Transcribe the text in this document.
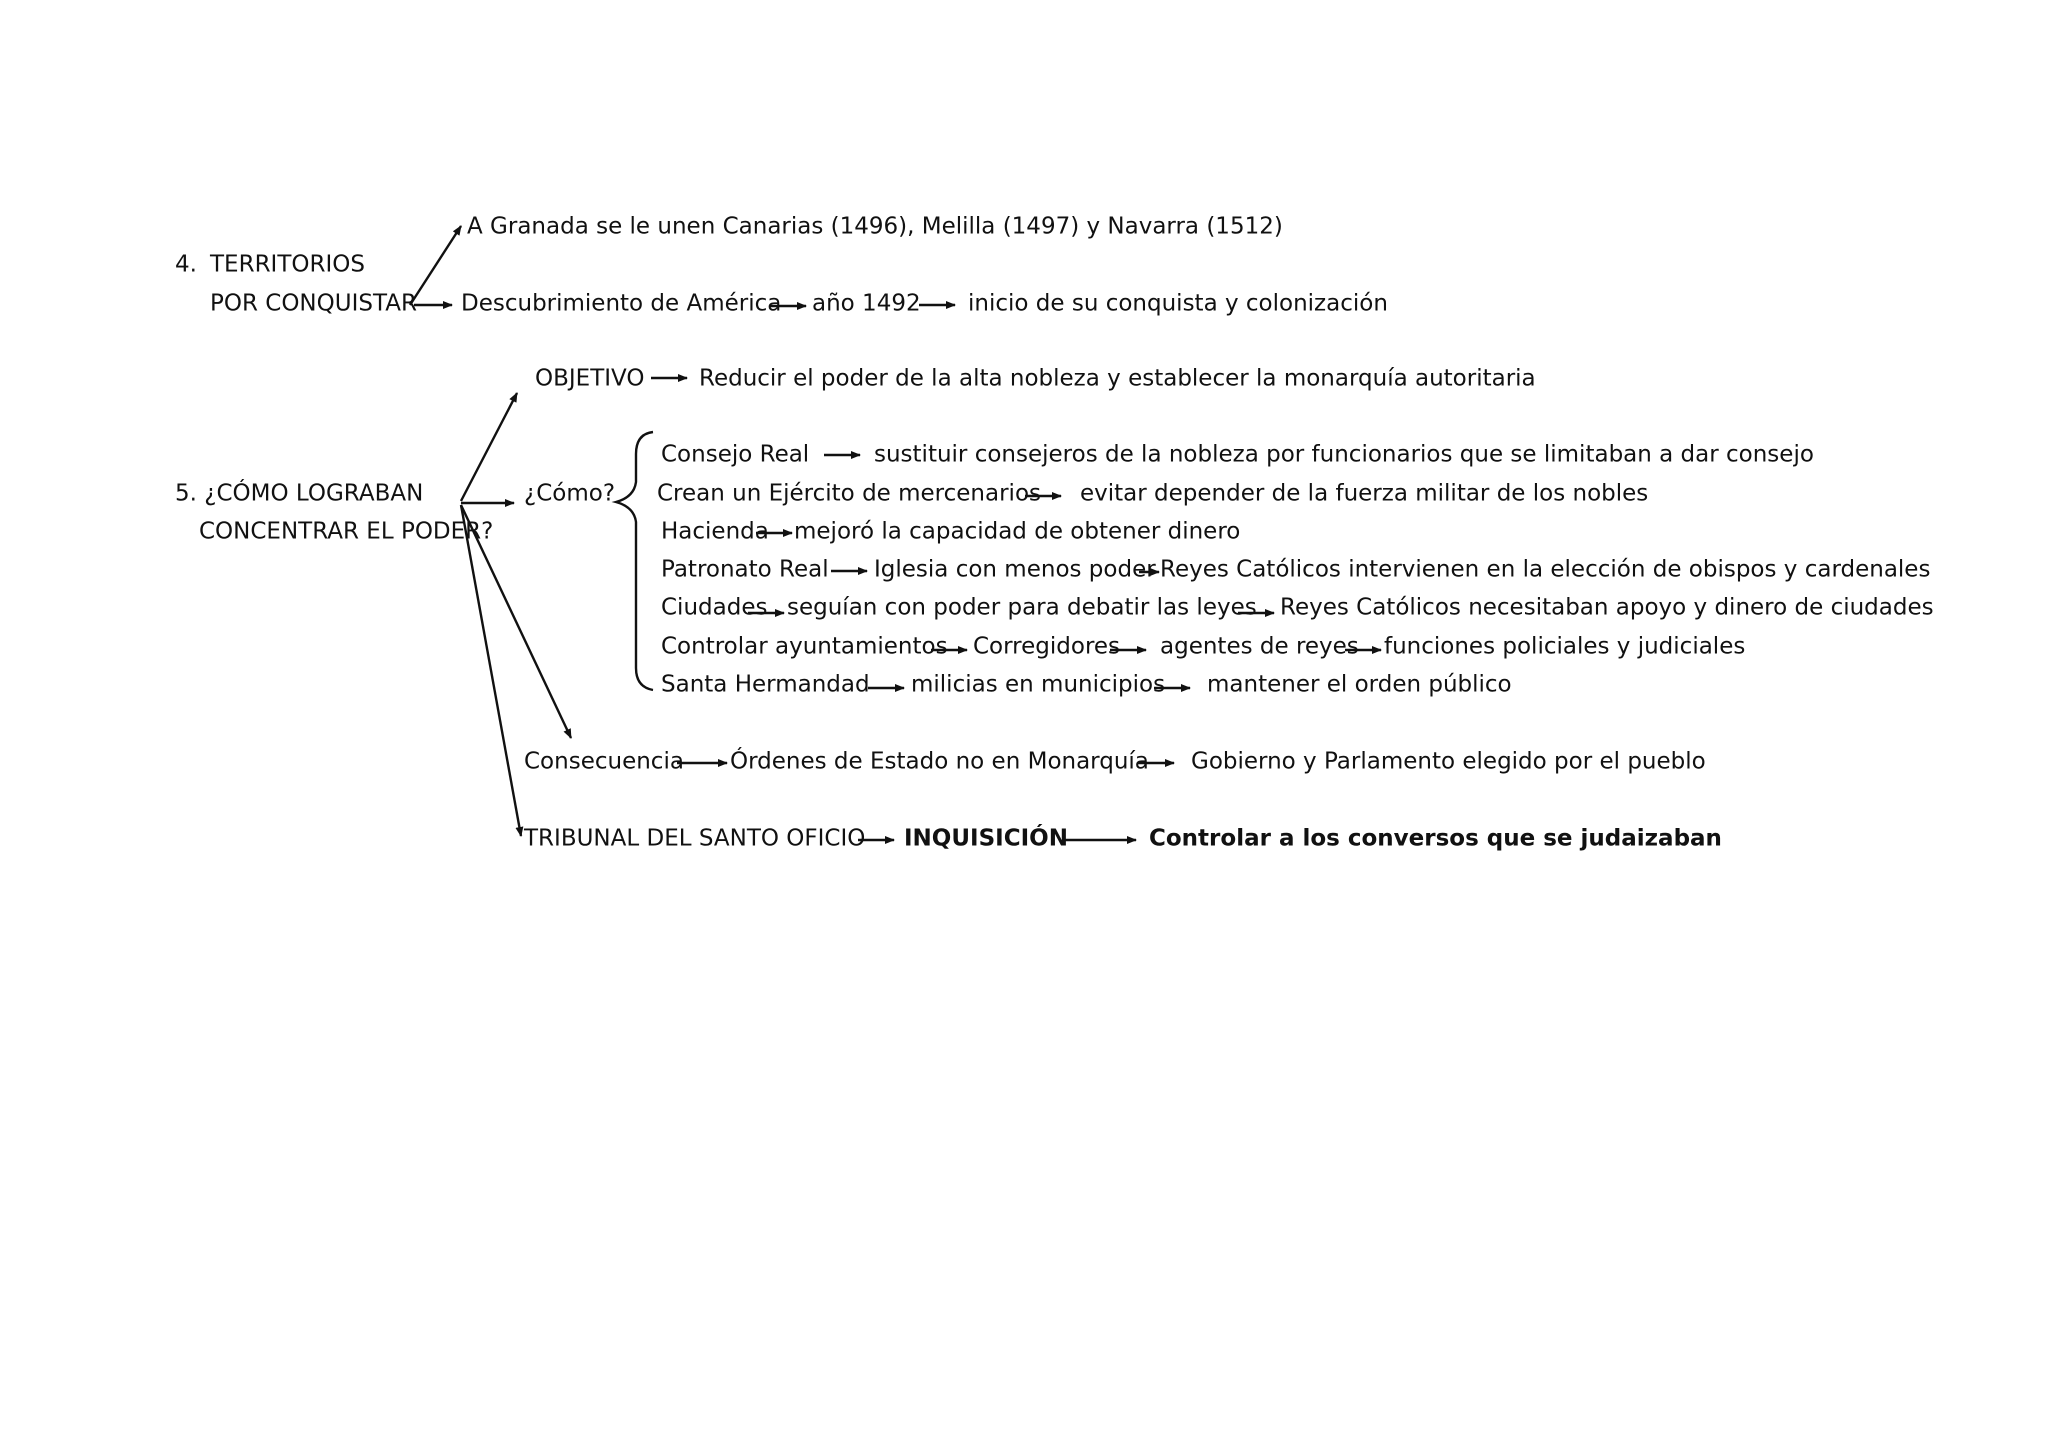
4. TERRITORIOS
POR CONQUISTAR
A Granada se le unen Canarias (1496), Melilla (1497) y Navarra (1512)
Descubrimiento de América año 1492 inicio de su conquista y colonización
5. ¿CÓMO LOGRABAN
CONCENTRAR EL PODER?
OBJETIVO Reducir el poder de la alta nobleza y establecer la monarquía autoritaria
¿Cómo?
Consejo Real	sustituir consejeros de la nobleza por funcionarios que se limitaban a dar consejo
Crean un Ejército de mercenarios evitar depender de la fuerza militar de los nobles
Hacienda mejoró la capacidad de obtener dinero
Patronato Real Iglesia con menos poder Reyes Católicos intervienen en la elección de obispos y cardenales
Ciudades seguían con poder para debatir las leyes Reyes Católicos necesitaban apoyo y dinero de ciudades
Controlar ayuntamientos Corregidores agentes de reyes funciones policiales y judiciales
Santa Hermandad milicias en municipios mantener el orden público
Consecuencia Órdenes de Estado no en Monarquía Gobierno y Parlamento elegido por el pueblo
TRIBUNAL DEL SANTO OFICIO INQUISICIÓN	Controlar a los conversos que se judaizaban
